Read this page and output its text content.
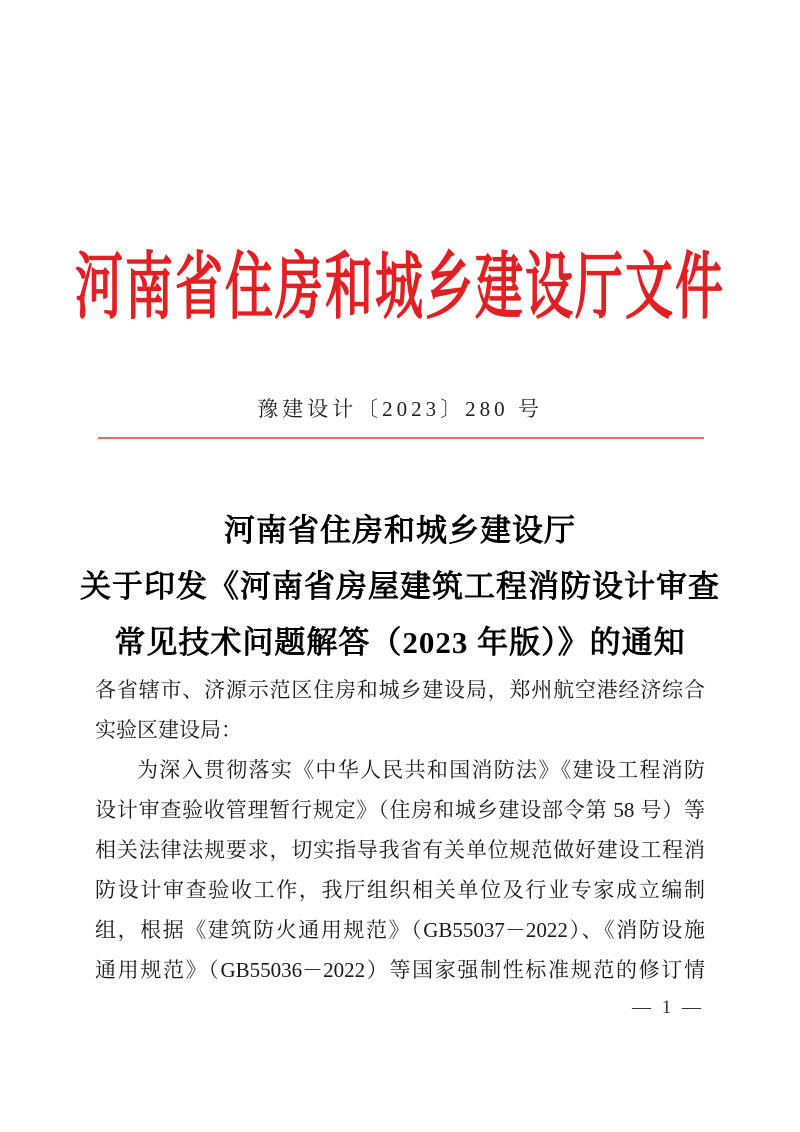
河南省住房和城乡建设厅文件
豫建设计〔2023〕280 号
河南省住房和城乡建设厅
关于印发《河南省房屋建筑工程消防设计审查
常见技术问题解答（2023 年版）》的通知
各省辖市、济源示范区住房和城乡建设局，郑州航空港经济综合
实验区建设局：
为深入贯彻落实《中华人民共和国消防法》《建设工程消防
设计审查验收管理暂行规定》（住房和城乡建设部令第 58 号）等
相关法律法规要求，切实指导我省有关单位规范做好建设工程消
防设计审查验收工作，我厅组织相关单位及行业专家成立编制
组，根据《建筑防火通用规范》（GB55037－2022）、《消防设施
通用规范》（GB55036－2022）等国家强制性标准规范的修订情
— 1 —
